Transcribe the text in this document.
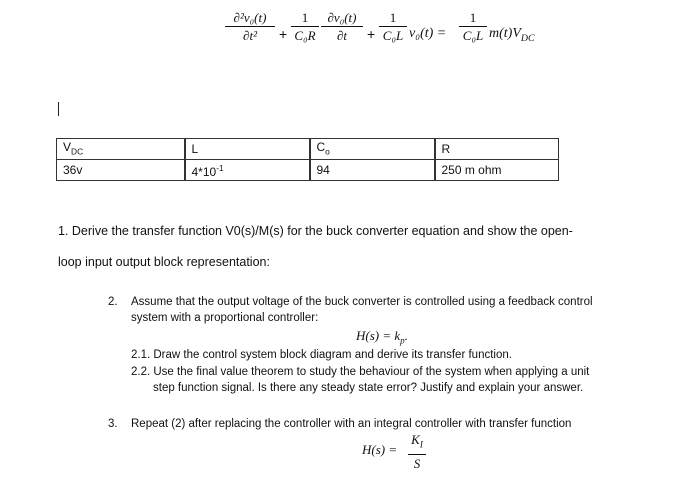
∂²v₀(t)
∂t²	+
1
C₀R
∂v₀(t)
∂t	+
1
C₀L v₀(t) =
1
C₀L $m(t)V_{DC}$
$V_{DC}$	L	$C_o$	R
36v	$4*10^{-1}$	94	250 m ohm
1. Derive the transfer function V0(s)/M(s) for the buck converter equation and show the open-
loop input output block representation:
2. Assume that the output voltage of the buck converter is controlled using a feedback control
system with a proportional controller:
$H(s) = k_p$.
2.1. Draw the control system block diagram and derive its transfer function.
2.2. Use the final value theorem to study the behaviour of the system when applying a unit
step function signal. Is there any steady state error? Justify and explain your answer.
3. Repeat (2) after replacing the controller with an integral controller with transfer function
H(s) =
$K_I$
S
